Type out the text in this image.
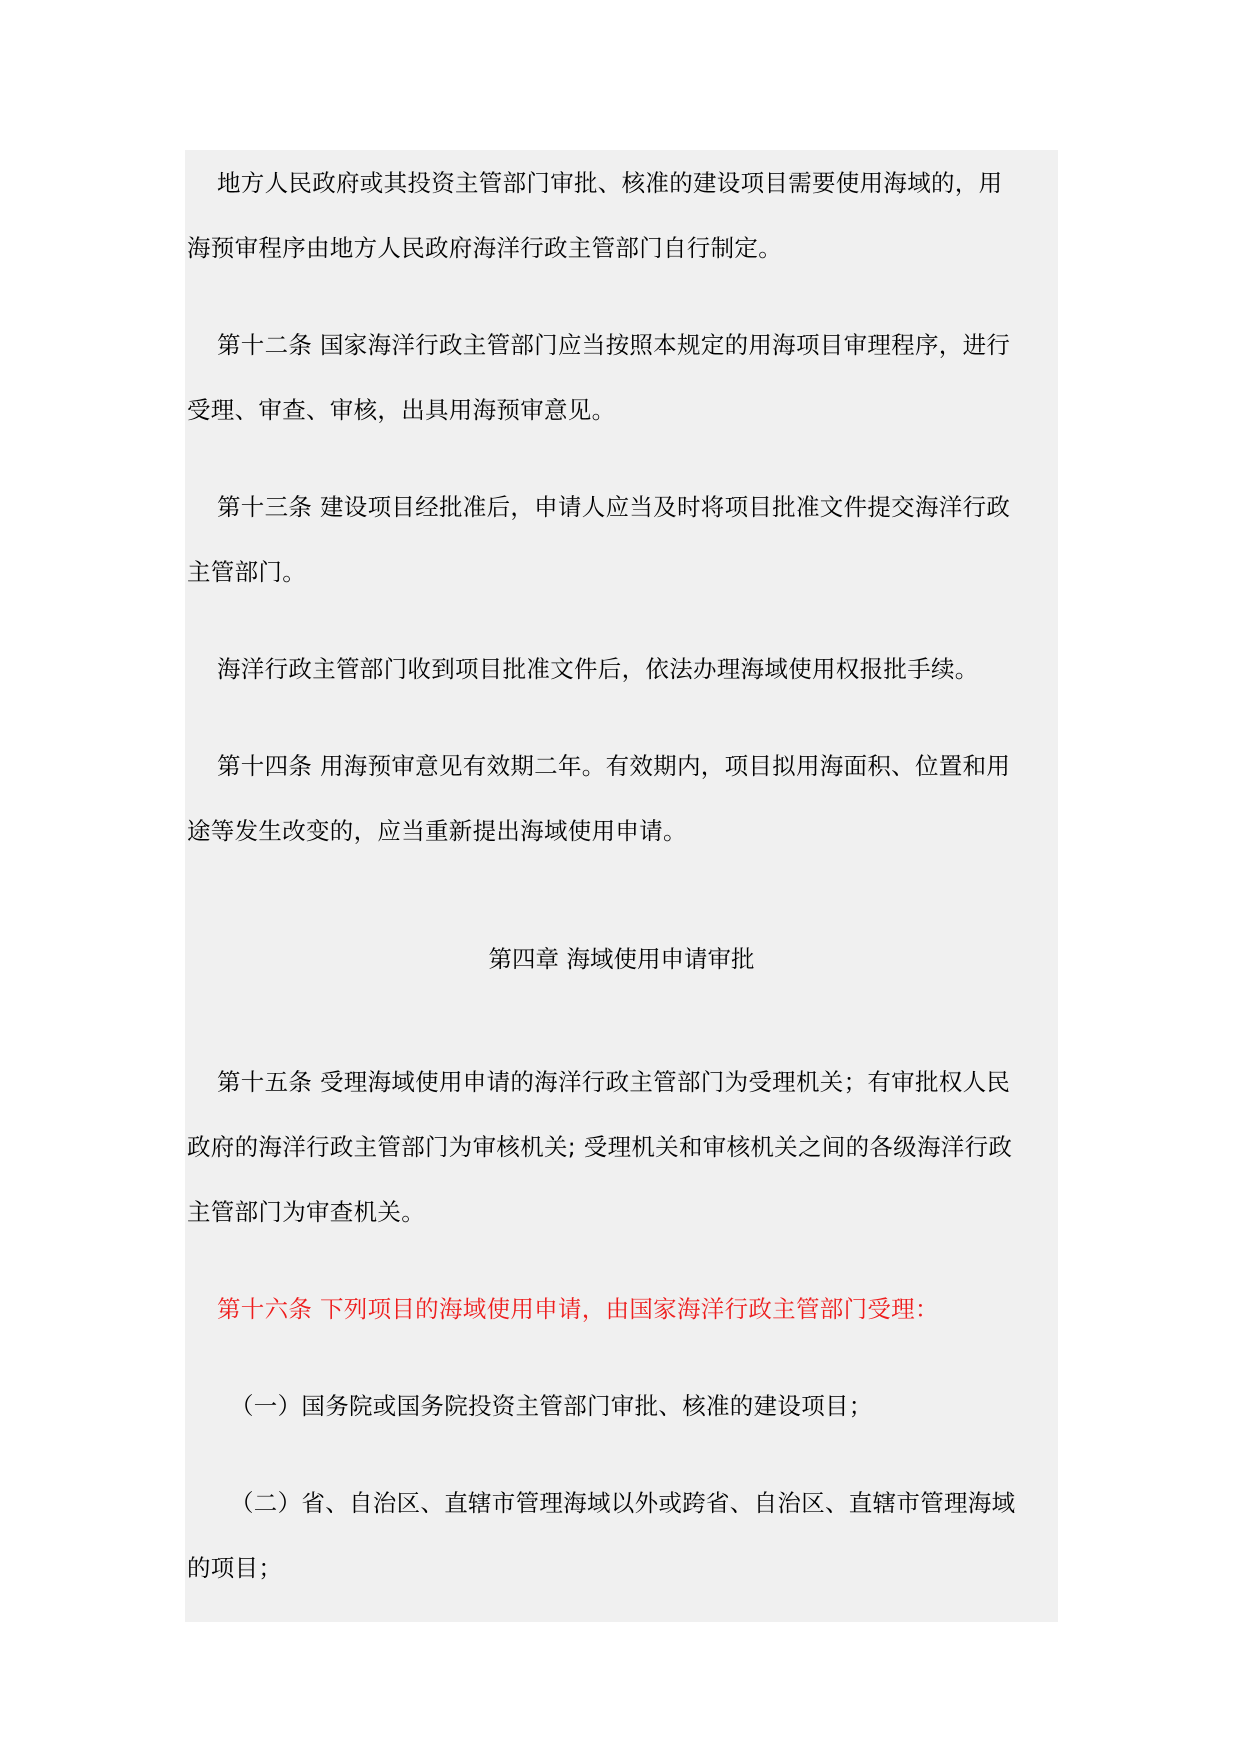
地方人民政府或其投资主管部门审批、核准的建设项目需要使用海域的，用
海预审程序由地方人民政府海洋行政主管部门自行制定。
第十二条 国家海洋行政主管部门应当按照本规定的用海项目审理程序，进行
受理、审查、审核，出具用海预审意见。
第十三条 建设项目经批准后，申请人应当及时将项目批准文件提交海洋行政
主管部门。
海洋行政主管部门收到项目批准文件后，依法办理海域使用权报批手续。
第十四条 用海预审意见有效期二年。有效期内，项目拟用海面积、位置和用
途等发生改变的，应当重新提出海域使用申请。
第四章 海域使用申请审批
第十五条 受理海域使用申请的海洋行政主管部门为受理机关；有审批权人民
政府的海洋行政主管部门为审核机关; 受理机关和审核机关之间的各级海洋行政
主管部门为审查机关。
第十六条 下列项目的海域使用申请，由国家海洋行政主管部门受理：
（一）国务院或国务院投资主管部门审批、核准的建设项目；
（二）省、自治区、直辖市管理海域以外或跨省、自治区、直辖市管理海域
的项目；
